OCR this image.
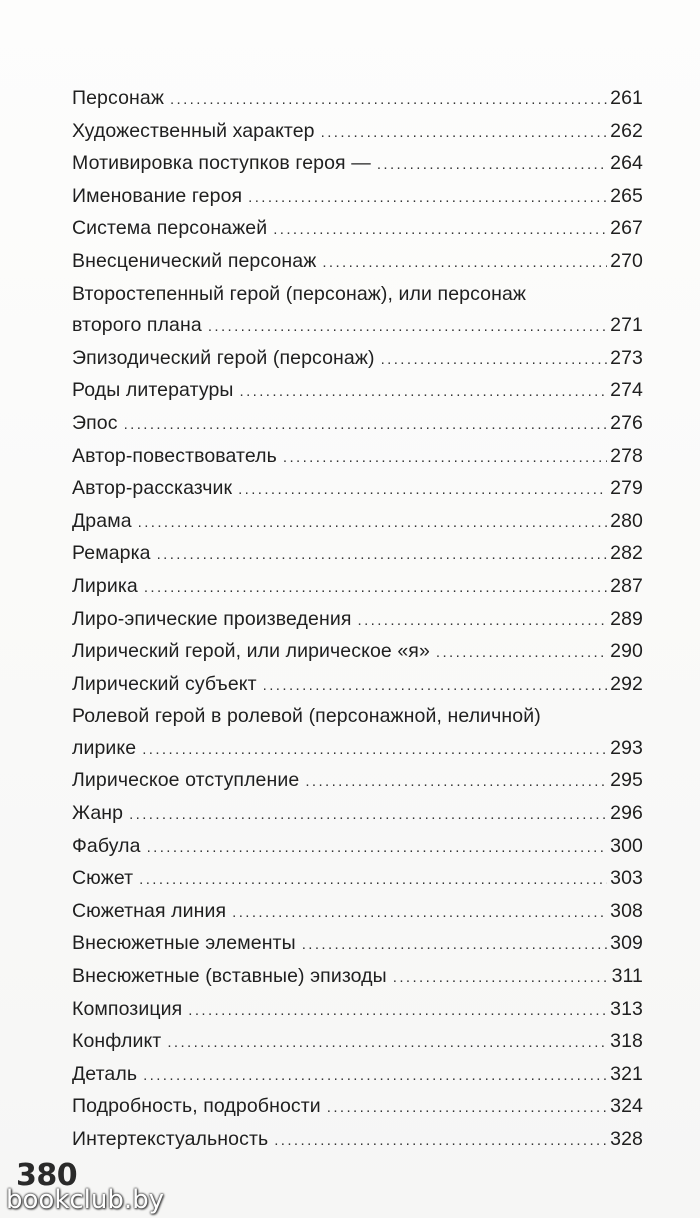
Персонаж .....	261
Художественный характер .....	262
Мотивировка поступков героя — .....	264
Именование героя .....	265
Система персонажей .....	267
Внесценический персонаж .....	270
Второстепенный герой (персонаж), или персонаж
второго плана .....	271
Эпизодический герой (персонаж) .....	273
Роды литературы .....	274
Эпос .....	276
Автор-повествователь .....	278
Автор-рассказчик .....	279
Драма .....	280
Ремарка .....	282
Лирика .....	287
Лиро-эпические произведения .....	289
Лирический герой, или лирическое «я» .....	290
Лирический субъект .....	292
Ролевой герой в ролевой (персонажной, неличной)
лирике .....	293
Лирическое отступление .....	295
Жанр .....	296
Фабула .....	300
Сюжет .....	303
Сюжетная линия .....	308
Внесюжетные элементы .....	309
Внесюжетные (вставные) эпизоды .....	311
Композиция .....	313
Конфликт .....	318
Деталь .....	321
Подробность, подробности .....	324
Интертекстуальность .....	328
380
bookclub.by
